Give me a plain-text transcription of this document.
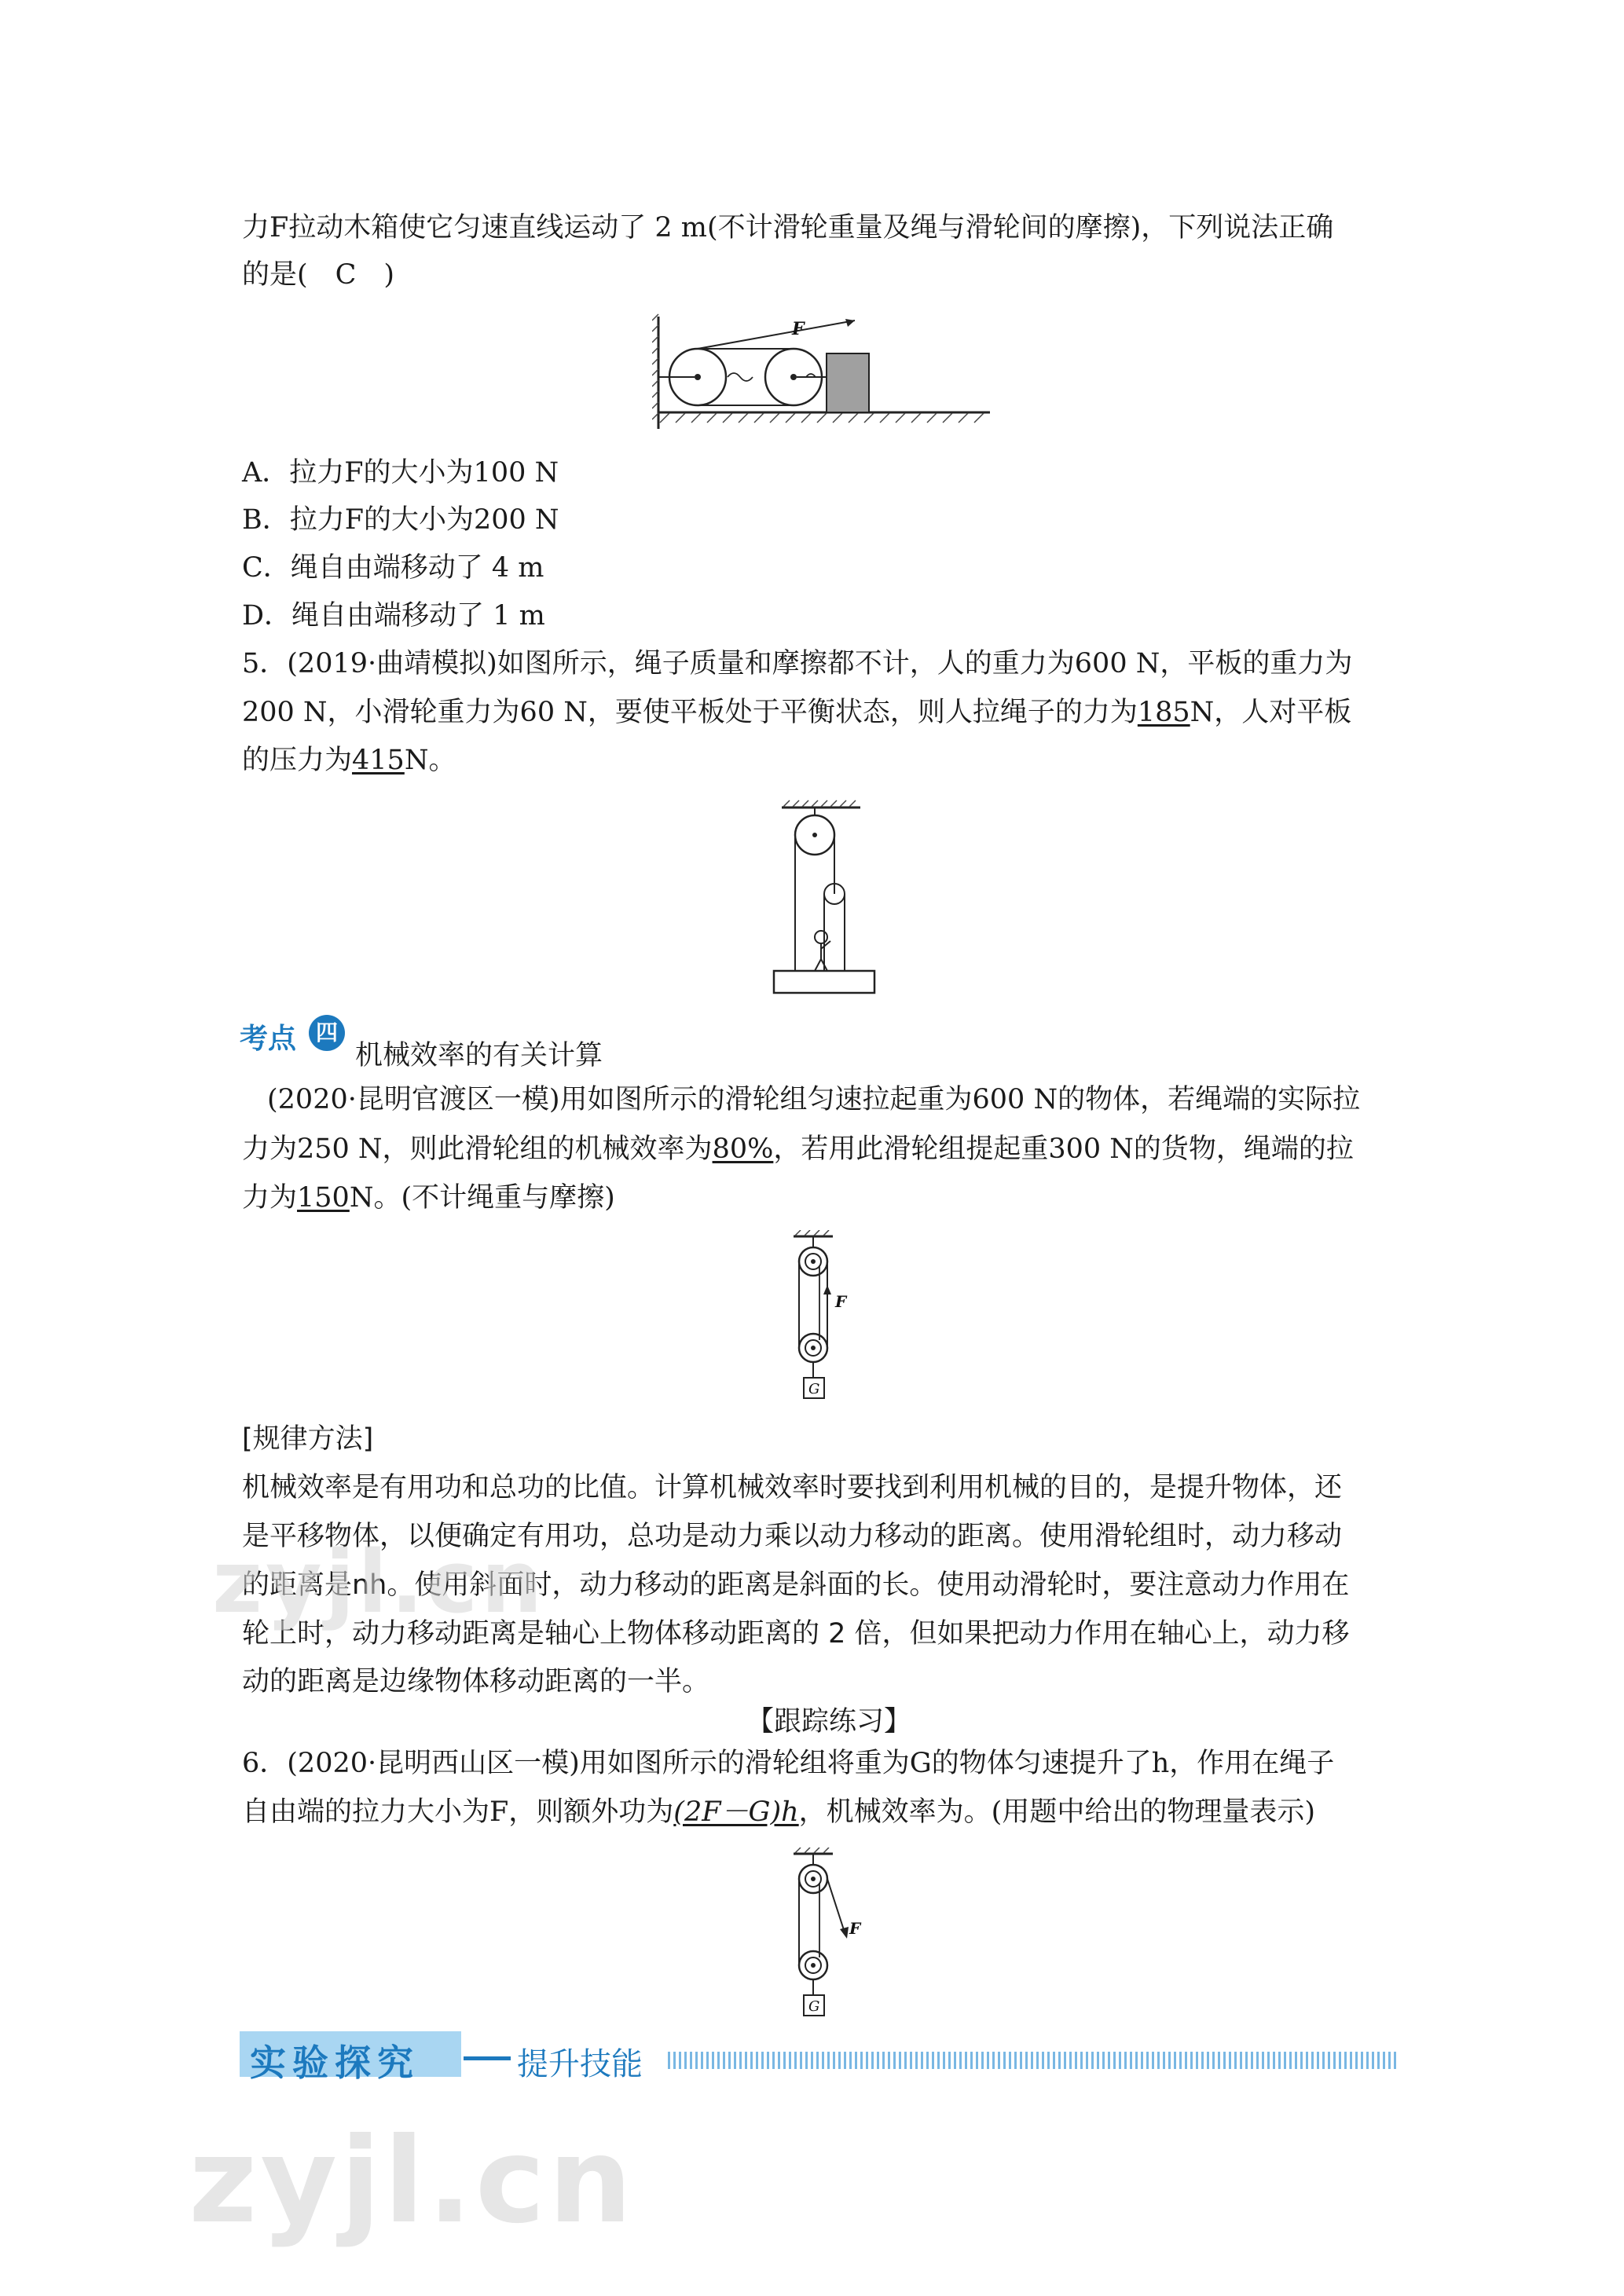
力F拉动木箱使它匀速直线运动了 2 m(不计滑轮重量及绳与滑轮间的摩擦)，下列说法正确
的是(　C　)
F
A．拉力F的大小为100 N
B．拉力F的大小为200 N
C．绳自由端移动了 4 m
D．绳自由端移动了 1 m
5．(2019·曲靖模拟)如图所示，绳子质量和摩擦都不计，人的重力为600 N，平板的重力为
200 N，小滑轮重力为60 N，要使平板处于平衡状态，则人拉绳子的力为185N，人对平板
的压力为415N。
考点 四
机械效率的有关计算
(2020·昆明官渡区一模)用如图所示的滑轮组匀速拉起重为600 N的物体，若绳端的实际拉
力为250 N，则此滑轮组的机械效率为80%，若用此滑轮组提起重300 N的货物，绳端的拉
力为150N。(不计绳重与摩擦)
F
G
[规律方法]
机械效率是有用功和总功的比值。计算机械效率时要找到利用机械的目的，是提升物体，还
是平移物体，以便确定有用功，总功是动力乘以动力移动的距离。使用滑轮组时，动力移动
的距离是nh。使用斜面时，动力移动的距离是斜面的长。使用动滑轮时，要注意动力作用在
轮上时，动力移动距离是轴心上物体移动距离的 2 倍，但如果把动力作用在轴心上，动力移
动的距离是边缘物体移动距离的一半。
【跟踪练习】
6．(2020·昆明西山区一模)用如图所示的滑轮组将重为G的物体匀速提升了h，作用在绳子
自由端的拉力大小为F，则额外功为(2F－G)h，机械效率为。(用题中给出的物理量表示)
F
G
实验探究	提升技能
zyjl.cn
zyjl.cn
